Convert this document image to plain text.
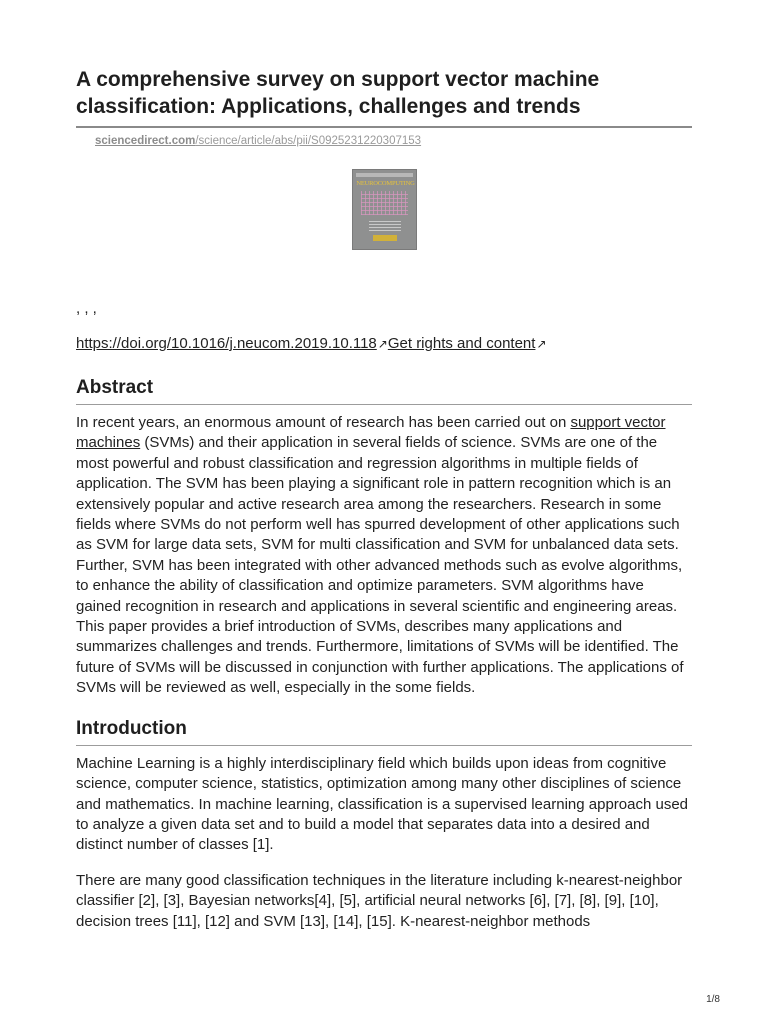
A comprehensive survey on support vector machine classification: Applications, challenges and trends
sciencedirect.com/science/article/abs/pii/S0925231220307153
NEUROCOMPUTING
, , ,
https://doi.org/10.1016/j.neucom.2019.10.118↗Get rights and content↗
Abstract

In recent years, an enormous amount of research has been carried out on support vector machines (SVMs) and their application in several fields of science. SVMs are one of the most powerful and robust classification and regression algorithms in multiple fields of application. The SVM has been playing a significant role in pattern recognition which is an extensively popular and active research area among the researchers. Research in some fields where SVMs do not perform well has spurred development of other applications such as SVM for large data sets, SVM for multi classification and SVM for unbalanced data sets. Further, SVM has been integrated with other advanced methods such as evolve algorithms, to enhance the ability of classification and optimize parameters. SVM algorithms have gained recognition in research and applications in several scientific and engineering areas. This paper provides a brief introduction of SVMs, describes many applications and summarizes challenges and trends. Furthermore, limitations of SVMs will be identified. The future of SVMs will be discussed in conjunction with further applications. The applications of SVMs will be reviewed as well, especially in the some fields.

Introduction

Machine Learning is a highly interdisciplinary field which builds upon ideas from cognitive science, computer science, statistics, optimization among many other disciplines of science and mathematics. In machine learning, classification is a supervised learning approach used to analyze a given data set and to build a model that separates data into a desired and distinct number of classes [1].

There are many good classification techniques in the literature including k-nearest-neighbor classifier [2], [3], Bayesian networks[4], [5], artificial neural networks [6], [7], [8], [9], [10], decision trees [11], [12] and SVM [13], [14], [15]. K-nearest-neighbor methods

1/8
